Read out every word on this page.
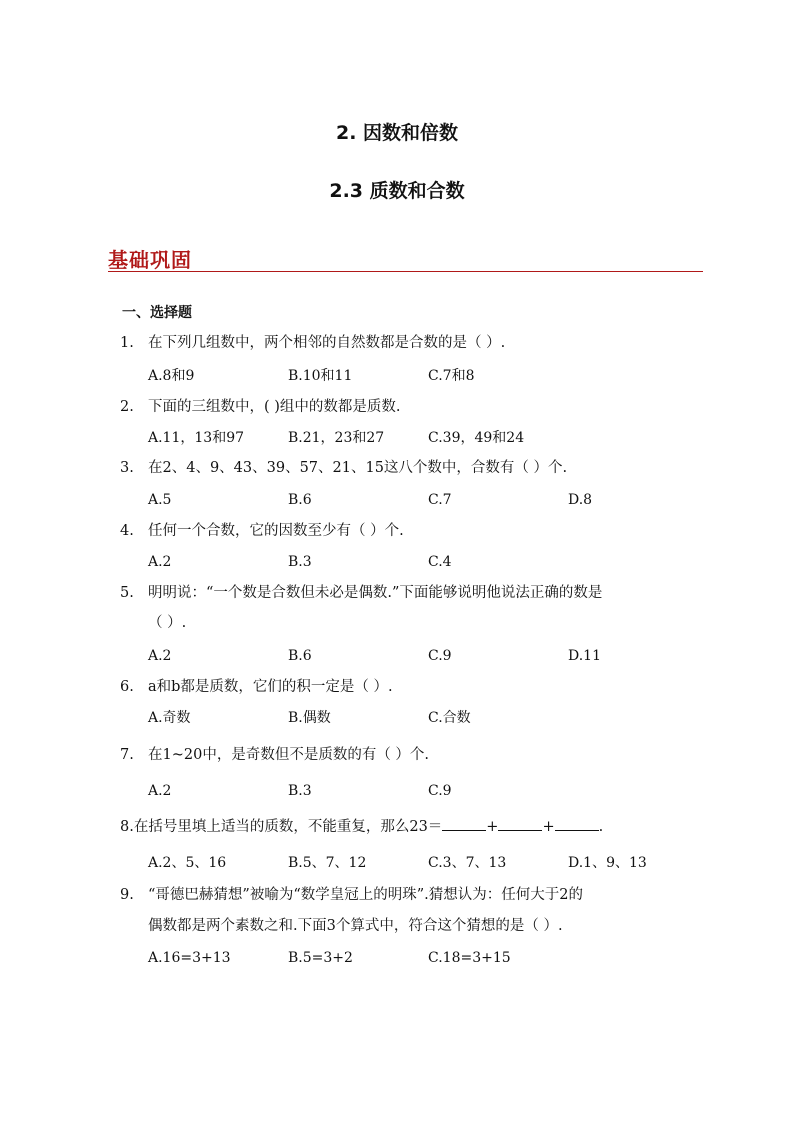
2. 因数和倍数
2.3 质数和合数
基础巩固
一、选择题
1. 在下列几组数中，两个相邻的自然数都是合数的是（ ）.
A.8和9	B.10和11	C.7和8
2. 下面的三组数中，( )组中的数都是质数.
A.11，13和97	B.21，23和27	C.39，49和24
3. 在2、4、9、43、39、57、21、15这八个数中，合数有（ ）个.
A.5	B.6	C.7	D.8
4. 任何一个合数，它的因数至少有（ ）个.
A.2	B.3	C.4
5. 明明说：“一个数是合数但未必是偶数.”下面能够说明他说法正确的数是
（ ）.
A.2	B.6	C.9	D.11
6. a和b都是质数，它们的积一定是（ ）.
A.奇数	B.偶数	C.合数
7. 在1~20中，是奇数但不是质数的有（ ）个.
A.2	B.3	C.9
8.在括号里填上适当的质数，不能重复，那么23＝	+	+	.
A.2、5、16	B.5、7、12	C.3、7、13	D.1、9、13
9. “哥德巴赫猜想”被喻为“数学皇冠上的明珠”.猜想认为：任何大于2的
偶数都是两个素数之和.下面3个算式中，符合这个猜想的是（ ）.
A.16=3+13	B.5=3+2	C.18=3+15
